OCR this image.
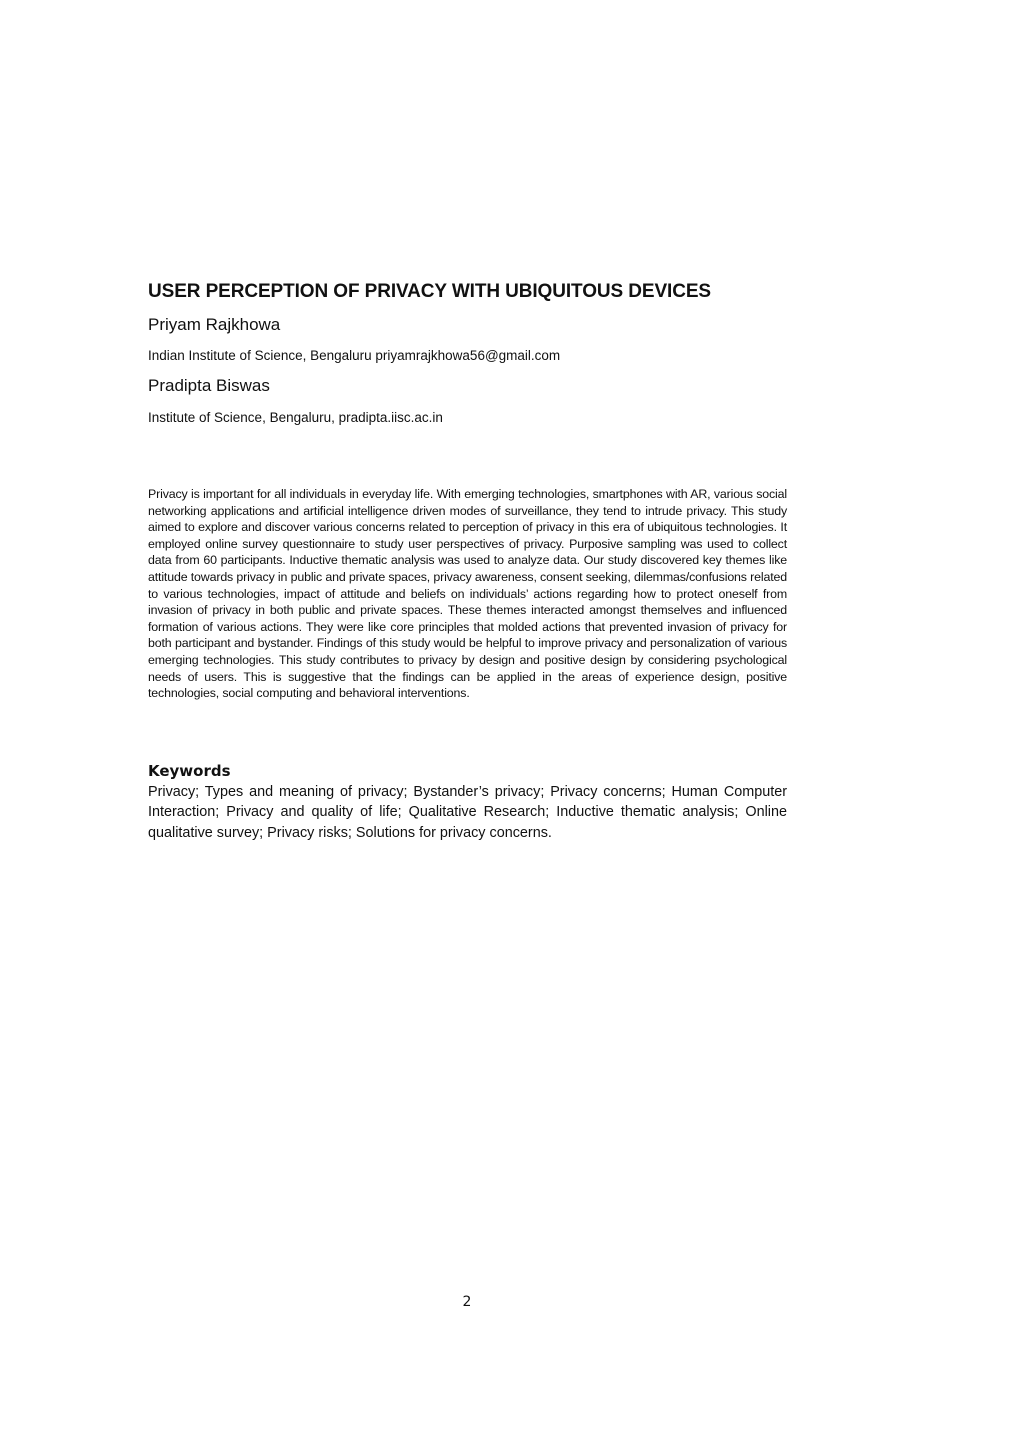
USER PERCEPTION OF PRIVACY WITH UBIQUITOUS DEVICES
Priyam Rajkhowa
Indian Institute of Science, Bengaluru priyamrajkhowa56@gmail.com
Pradipta Biswas
Institute of Science, Bengaluru, pradipta.iisc.ac.in
Privacy is important for all individuals in everyday life. With emerging technologies, smartphones with AR, various social networking applications and artificial intelligence driven modes of surveillance, they tend to intrude privacy. This study aimed to explore and discover various concerns related to perception of privacy in this era of ubiquitous technologies. It employed online survey questionnaire to study user perspectives of privacy. Purposive sampling was used to collect data from 60 participants. Inductive thematic analysis was used to analyze data. Our study discovered key themes like attitude towards privacy in public and private spaces, privacy awareness, consent seeking, dilemmas/confusions related to various technologies, impact of attitude and beliefs on individuals’ actions regarding how to protect oneself from invasion of privacy in both public and private spaces. These themes interacted amongst themselves and influenced formation of various actions. They were like core principles that molded actions that prevented invasion of privacy for both participant and bystander. Findings of this study would be helpful to improve privacy and personalization of various emerging technologies. This study contributes to privacy by design and positive design by considering psychological needs of users. This is suggestive that the findings can be applied in the areas of experience design, positive technologies, social computing and behavioral interventions.
Keywords
Privacy; Types and meaning of privacy; Bystander’s privacy; Privacy concerns; Human Computer Interaction; Privacy and quality of life; Qualitative Research; Inductive thematic analysis; Online qualitative survey; Privacy risks; Solutions for privacy concerns.
2
